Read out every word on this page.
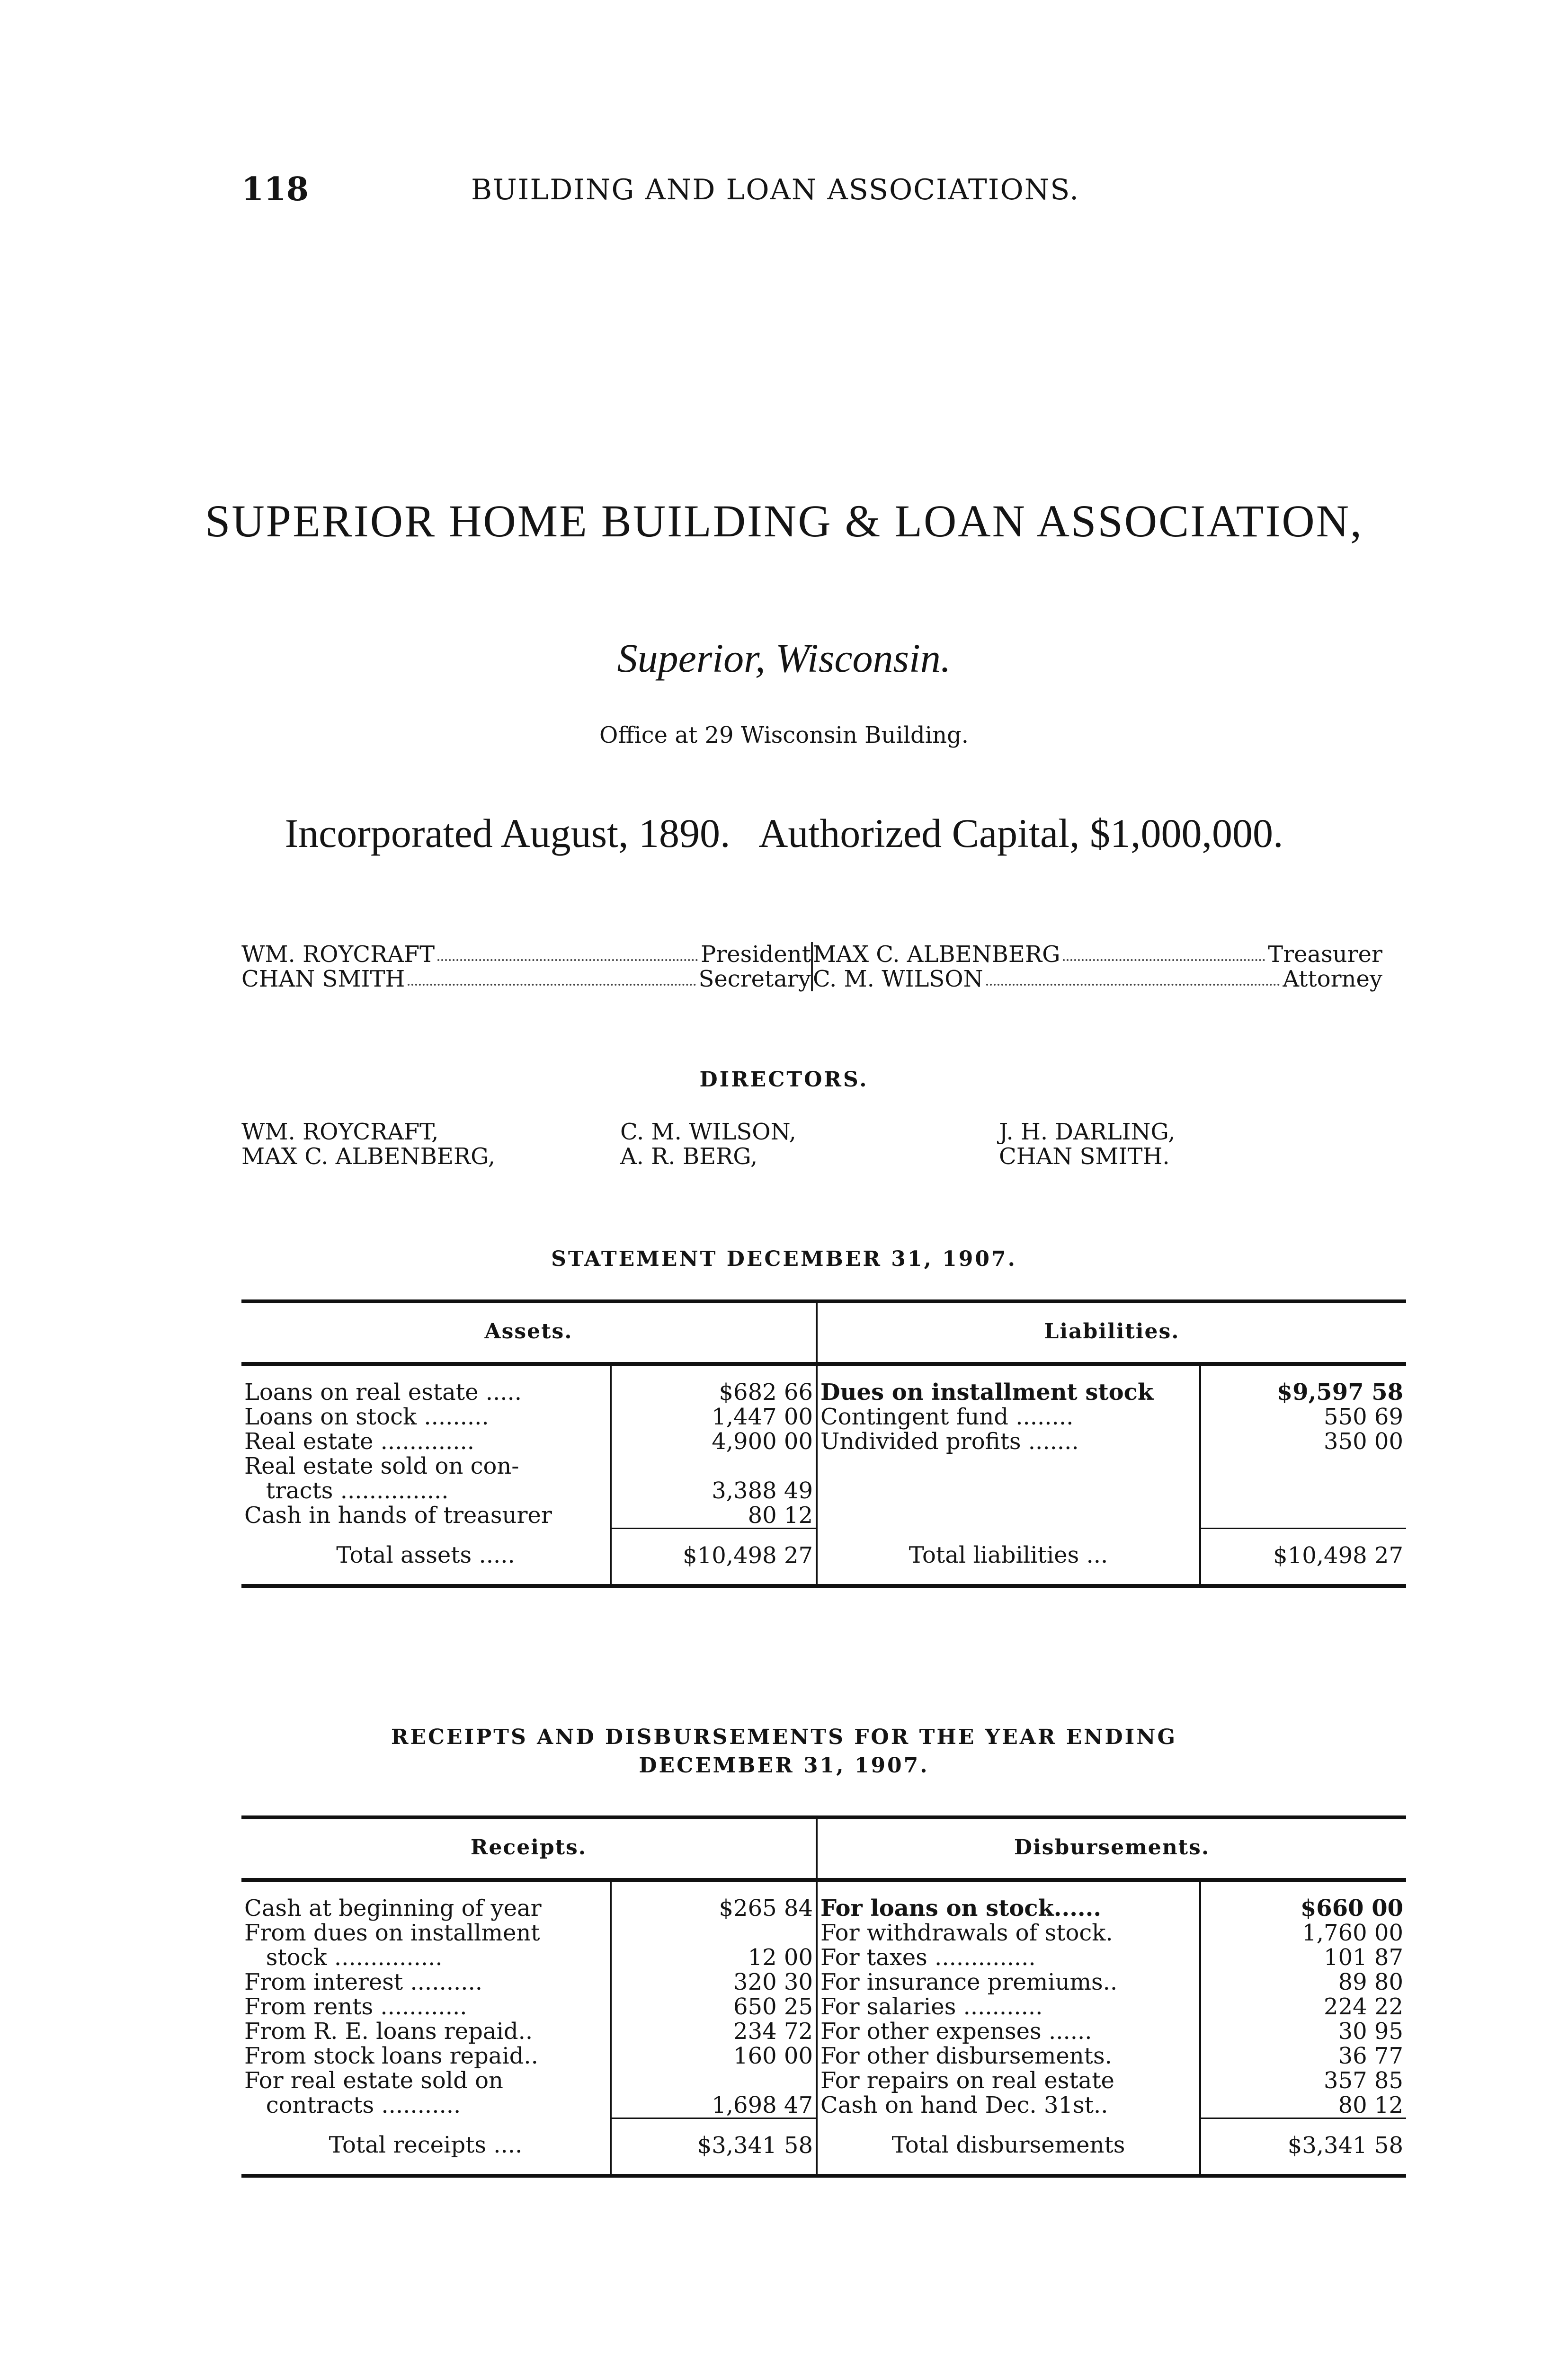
118	BUILDING AND LOAN ASSOCIATIONS.
SUPERIOR HOME BUILDING & LOAN ASSOCIATION,
Superior, Wisconsin.
Office at 29 Wisconsin Building.
Incorporated August, 1890. Authorized Capital, $1,000,000.
WM. ROYCRAFT	President MAX C. ALBENBERG	Treasurer
CHAN SMITH	Secretary C. M. WILSON	Attorney
DIRECTORS.
WM. ROYCRAFT,	C. M. WILSON,	J. H. DARLING,
MAX C. ALBENBERG,	A. R. BERG,	CHAN SMITH.
STATEMENT DECEMBER 31, 1907.
Assets.		Liabilities.	

Loans on real estate .....	$682 66	Dues on installment stock	$9,597 58
Loans on stock .........	1,447 00	Contingent fund ........	550 69
Real estate .............	4,900 00	Undivided profits .......	350 00
Real estate sold on con-			
tracts ...............	3,388 49		
Cash in hands of treasurer	80 12		
Total assets .....	$10,498 27	Total liabilities ...	$10,498 27
RECEIPTS AND DISBURSEMENTS FOR THE YEAR ENDING
DECEMBER 31, 1907.
Receipts.		Disbursements.	

Cash at beginning of year	$265 84	For loans on stock......	$660 00
From dues on installment		For withdrawals of stock.	1,760 00
stock ...............	12 00	For taxes ..............	101 87
From interest ..........	320 30	For insurance premiums..	89 80
From rents ............	650 25	For salaries ...........	224 22
From R. E. loans repaid..	234 72	For other expenses ......	30 95
From stock loans repaid..	160 00	For other disbursements.	36 77
For real estate sold on		For repairs on real estate	357 85
contracts ...........	1,698 47	Cash on hand Dec. 31st..	80 12
Total receipts ....	$3,341 58	Total disbursements	$3,341 58
